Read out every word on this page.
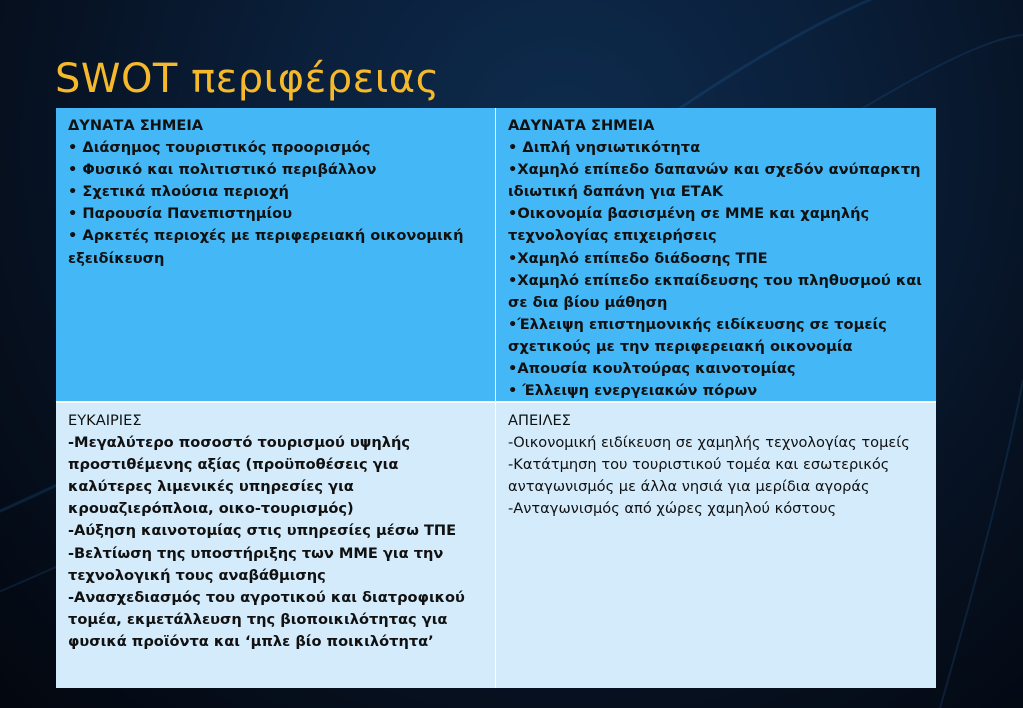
SWOT περιφέρειας
ΔΥΝΑΤΑ ΣΗΜΕΙΑ
• Διάσημος τουριστικός προορισμός
• Φυσικό και πολιτιστικό περιβάλλον
• Σχετικά πλούσια περιοχή
• Παρουσία Πανεπιστημίου
• Αρκετές περιοχές με περιφερειακή οικονομική εξειδίκευση
ΑΔΥΝΑΤΑ ΣΗΜΕΙΑ
• Διπλή νησιωτικότητα
•Χαμηλό επίπεδο δαπανών και σχεδόν ανύπαρκτη ιδιωτική δαπάνη για ΕΤΑΚ
•Οικονομία βασισμένη σε ΜΜΕ και χαμηλής τεχνολογίας επιχειρήσεις
•Χαμηλό επίπεδο διάδοσης ΤΠΕ
•Χαμηλό επίπεδο εκπαίδευσης του πληθυσμού και σε δια βίου μάθηση
•Έλλειψη επιστημονικής ειδίκευσης σε τομείς σχετικούς με την περιφερειακή οικονομία
•Απουσία κουλτούρας καινοτομίας
• Έλλειψη ενεργειακών πόρων
ΕΥΚΑΙΡΙΕΣ
-Μεγαλύτερο ποσοστό τουρισμού υψηλής προστιθέμενης αξίας (προϋποθέσεις για καλύτερες λιμενικές υπηρεσίες για κρουαζιερόπλοια, οικο-τουρισμός)
-Αύξηση καινοτομίας στις υπηρεσίες μέσω ΤΠΕ
-Βελτίωση της υποστήριξης των ΜΜΕ για την τεχνολογική τους αναβάθμισης
-Ανασχεδιασμός του αγροτικού και διατροφικού τομέα, εκμετάλλευση της βιοποικιλότητας για φυσικά προϊόντα και ‘μπλε βίο ποικιλότητα’
ΑΠΕΙΛΕΣ
-Οικονομική ειδίκευση σε χαμηλής τεχνολογίας τομείς
-Κατάτμηση του τουριστικού τομέα και εσωτερικός ανταγωνισμός με άλλα νησιά για μερίδια αγοράς
-Ανταγωνισμός από χώρες χαμηλού κόστους
